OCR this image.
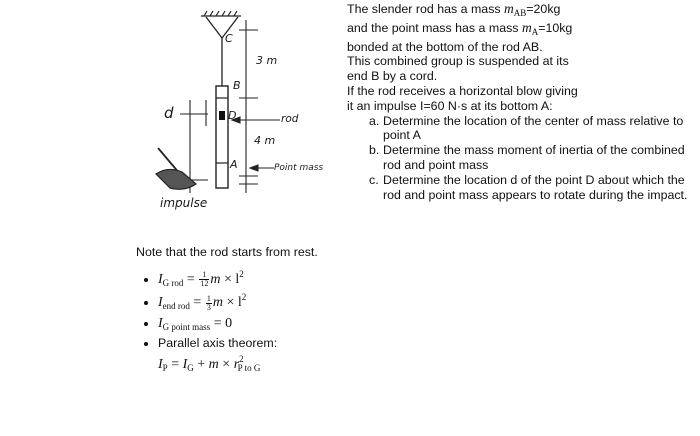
C
3 m
B
D	rod
4 m
A	Point mass
d
impulse

The slender rod has a mass $m_{AB}=20kg$

and the point mass has a mass $m_A=10kg$

bonded at the bottom of the rod AB.

This combined group is suspended at its

end B by a cord.

If the rod receives a horizontal blow giving

it an impulse I=60 N·s at its bottom A:

a. Determine the location of the center of mass relative to point A
b. Determine the mass moment of inertia of the combined rod and point mass
c. Determine the location d of the point D about which the rod and point mass appears to rotate during the impact.

Note that the rod starts from rest.

• $I_{G rod} = \frac{1}{12}$ $m \times l^2$
• $I_{end rod} = \frac{1}{3}$ $m \times l^2$
• $I_{G point mass} = 0$
• Parallel axis theorem:
$I_P = I_G + m \times r^2_{P to G}$
